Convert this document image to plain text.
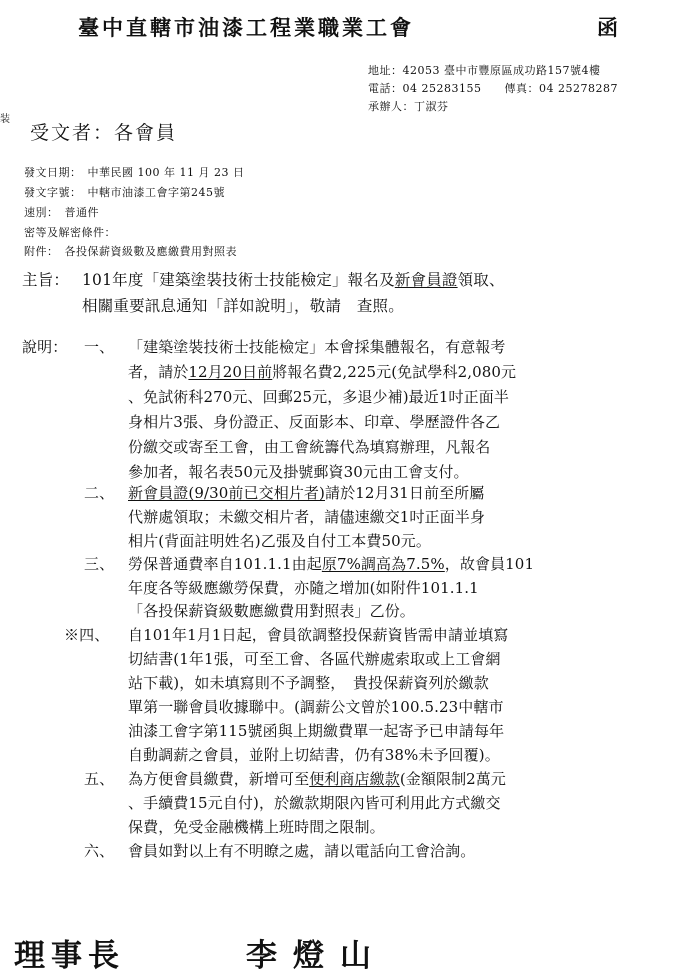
臺中直轄市油漆工程業職業工會	函
地址：42053 臺中市豐原區成功路157號4樓
電話：04 25283155　　傳真：04 25278287
承辦人：丁淑芬
装
受文者：各會員
發文日期：　中華民國 100 年 11 月 23 日
發文字號：　中轄市油漆工會字第245號
速別：　普通件
密等及解密條件：
附件：　各投保薪資級數及應繳費用對照表
主旨： 101年度「建築塗裝技術士技能檢定」報名及新會員證領取、
相關重要訊息通知「詳如說明」，敬請　查照。
說明： 一、 「建築塗裝技術士技能檢定」本會採集體報名，有意報考
者，請於12月20日前將報名費2,225元(免試學科2,080元
、免試術科270元、回郵25元，多退少補)最近1吋正面半
身相片3張、身份證正、反面影本、印章、學歷證件各乙
份繳交或寄至工會，由工會統籌代為填寫辦理，凡報名
參加者，報名表50元及掛號郵資30元由工會支付。
二、 新會員證(9/30前已交相片者)請於12月31日前至所屬
代辦處領取；未繳交相片者，請儘速繳交1吋正面半身
相片(背面註明姓名)乙張及自付工本費50元。
三、 勞保普通費率自101.1.1由起原7%調高為7.5%，故會員101
年度各等級應繳勞保費，亦隨之增加(如附件101.1.1
「各投保薪資級數應繳費用對照表」乙份。
※四、 自101年1月1日起，會員欲調整投保薪資皆需申請並填寫
切結書(1年1張，可至工會、各區代辦處索取或上工會網
站下載)，如未填寫則不予調整，　貴投保薪資列於繳款
單第一聯會員收據聯中。(調薪公文曾於100.5.23中轄市
油漆工會字第115號函與上期繳費單一起寄予已申請每年
自動調薪之會員，並附上切結書，仍有38%未予回覆)。
五、 為方便會員繳費，新增可至便利商店繳款(金額限制2萬元
、手續費15元自付)，於繳款期限內皆可利用此方式繳交
保費，免受金融機構上班時間之限制。
六、 會員如對以上有不明瞭之處，請以電話向工會洽詢。
理事長	李燈山
